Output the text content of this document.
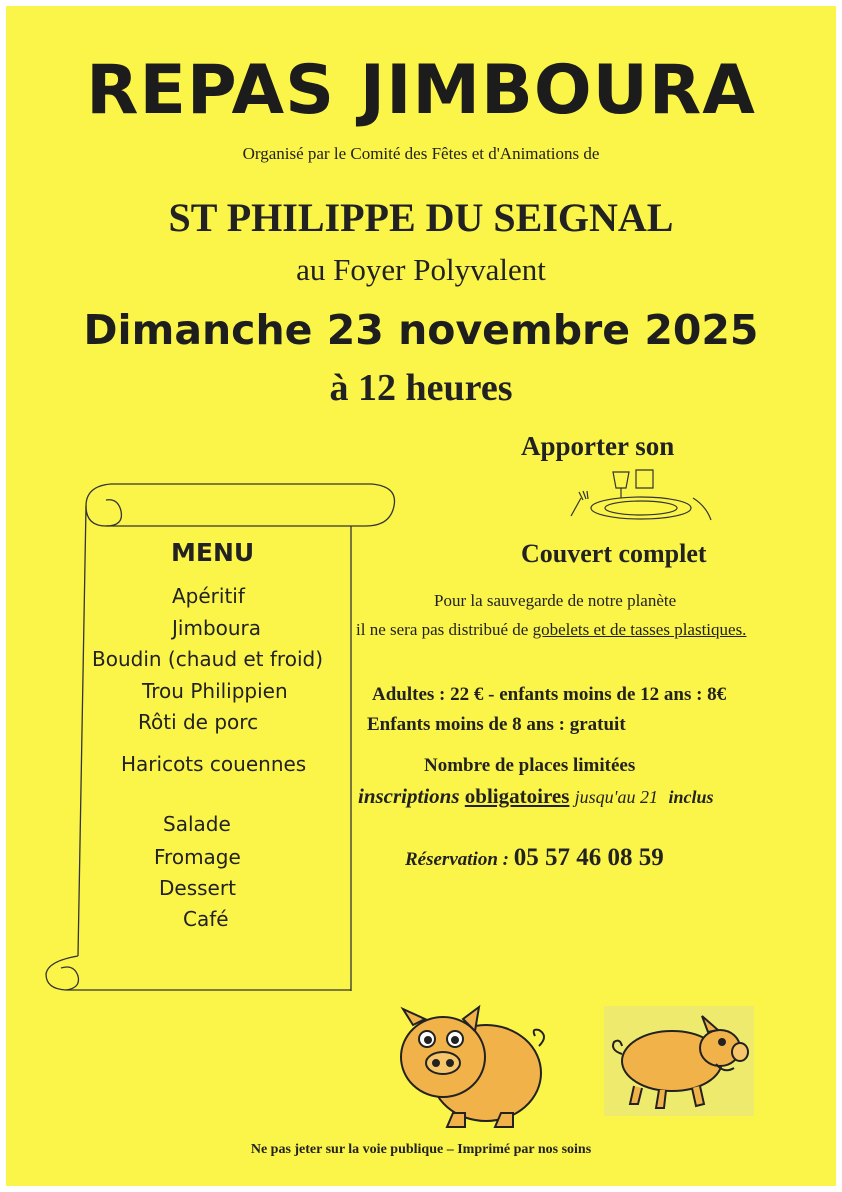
REPAS JIMBOURA
Organisé par le Comité des Fêtes et d'Animations de
ST PHILIPPE DU SEIGNAL
au Foyer Polyvalent
Dimanche 23 novembre 2025
à 12 heures
MENU
Apéritif
Jimboura
Boudin (chaud et froid)
Trou Philippien
Rôti de porc
Haricots couennes
Salade
Fromage
Dessert
Café
Apporter son
Couvert complet
Pour la sauvegarde de notre planète
il ne sera pas distribué de gobelets et de tasses plastiques.
Adultes : 22 € - enfants moins de 12 ans : 8€
Enfants moins de 8 ans : gratuit
Nombre de places limitées
inscriptions obligatoires jusqu'au 21 inclus
Réservation : 05 57 46 08 59
Ne pas jeter sur la voie publique – Imprimé par nos soins
